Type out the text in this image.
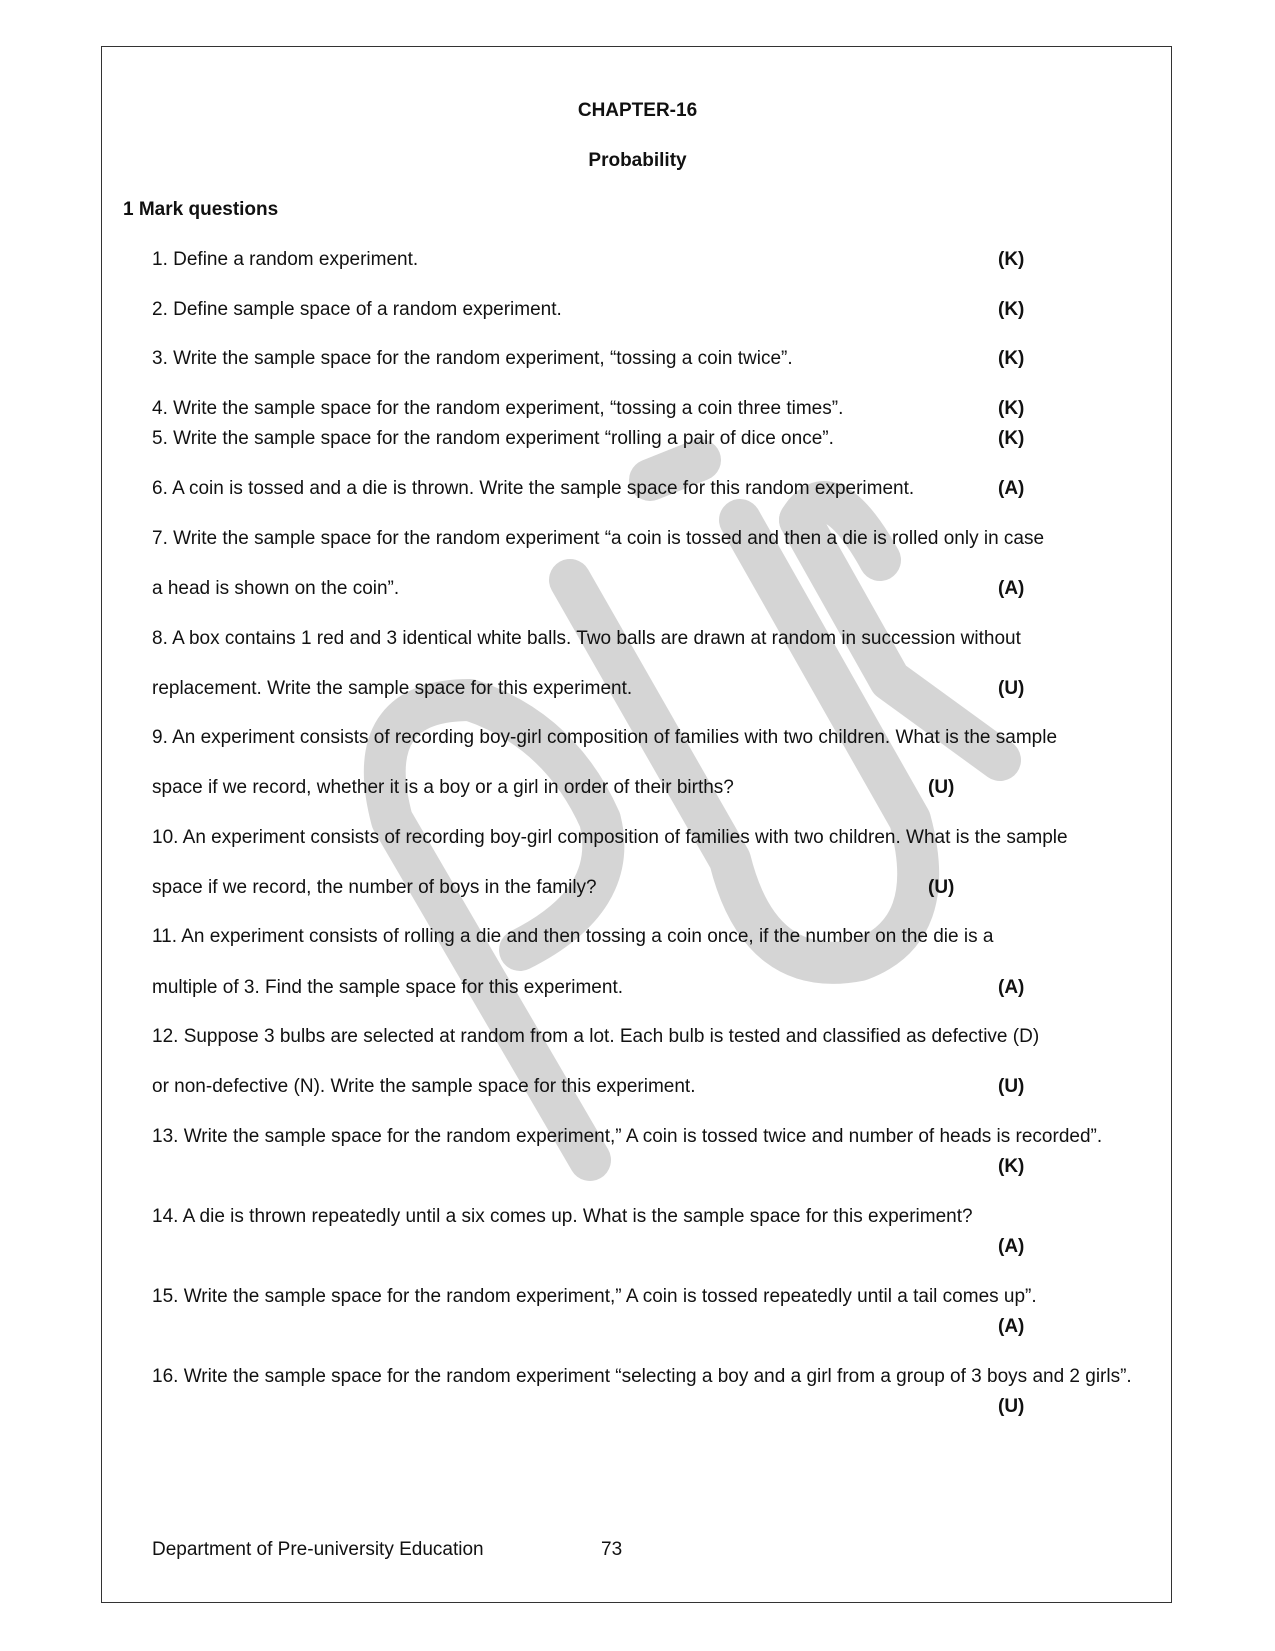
CHAPTER-16
Probability
1 Mark questions
1. Define a random experiment.	(K)
2. Define sample space of a random experiment.	(K)
3. Write the sample space for the random experiment, “tossing a coin twice”.	(K)
4. Write the sample space for the random experiment, “tossing a coin three times”.	(K)
5. Write the sample space for the random experiment “rolling a pair of dice once”.	(K)
6. A coin is tossed and a die is thrown. Write the sample space for this random experiment.	(A)
7. Write the sample space for the random experiment “a coin is tossed and then a die is rolled only in case
a head is shown on the coin”.	(A)
8. A box contains 1 red and 3 identical white balls. Two balls are drawn at random in succession without
replacement. Write the sample space for this experiment.	(U)
9. An experiment consists of recording boy-girl composition of families with two children. What is the sample
space if we record, whether it is a boy or a girl in order of their births?	(U)
10. An experiment consists of recording boy-girl composition of families with two children. What is the sample
space if we record, the number of boys in the family?	(U)
11. An experiment consists of rolling a die and then tossing a coin once, if the number on the die is a
multiple of 3. Find the sample space for this experiment.	(A)
12. Suppose 3 bulbs are selected at random from a lot. Each bulb is tested and classified as defective (D)
or non-defective (N). Write the sample space for this experiment.	(U)
13. Write the sample space for the random experiment,” A coin is tossed twice and number of heads is recorded”.
(K)
14. A die is thrown repeatedly until a six comes up. What is the sample space for this experiment?
(A)
15. Write the sample space for the random experiment,” A coin is tossed repeatedly until a tail comes up”.
(A)
16. Write the sample space for the random experiment “selecting a boy and a girl from a group of 3 boys and 2 girls”.
(U)
Department of Pre-university Education	73
